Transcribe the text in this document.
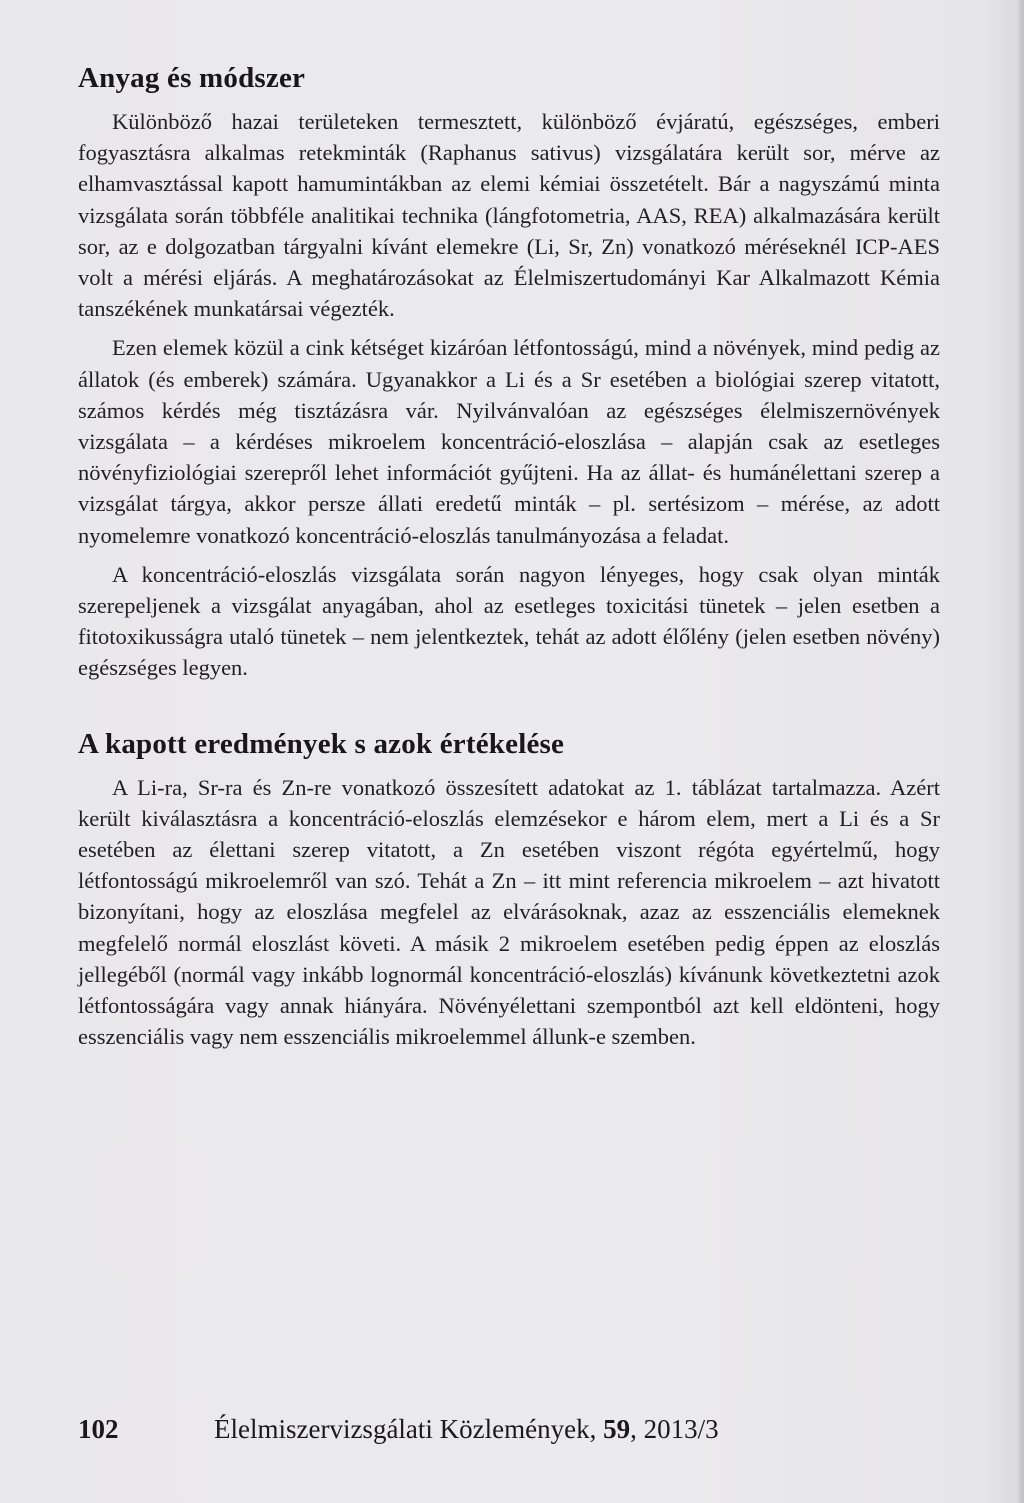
Anyag és módszer

Különböző hazai területeken termesztett, különböző évjáratú, egészséges, emberi fogyasztásra alkalmas retekminták (Raphanus sativus) vizsgálatára került sor, mérve az elhamvasztással kapott hamumintákban az elemi kémiai összetételt. Bár a nagyszámú minta vizsgálata során többféle analitikai technika (lángfotometria, AAS, REA) alkalmazására került sor, az e dolgozatban tárgyalni kívánt elemekre (Li, Sr, Zn) vonatkozó méréseknél ICP-AES volt a mérési eljárás. A meghatározásokat az Élelmiszertudományi Kar Alkalmazott Kémia tanszékének munkatársai végezték.

Ezen elemek közül a cink kétséget kizáróan létfontosságú, mind a növények, mind pedig az állatok (és emberek) számára. Ugyanakkor a Li és a Sr esetében a biológiai szerep vitatott, számos kérdés még tisztázásra vár. Nyilvánvalóan az egészséges élelmiszernövények vizsgálata – a kérdéses mikroelem koncentráció-eloszlása – alapján csak az esetleges növényfiziológiai szerepről lehet információt gyűjteni. Ha az állat- és humánélettani szerep a vizsgálat tárgya, akkor persze állati eredetű minták – pl. sertésizom – mérése, az adott nyomelemre vonatkozó koncentráció-eloszlás tanulmányozása a feladat.

A koncentráció-eloszlás vizsgálata során nagyon lényeges, hogy csak olyan minták szerepeljenek a vizsgálat anyagában, ahol az esetleges toxicitási tünetek – jelen esetben a fitotoxikusságra utaló tünetek – nem jelentkeztek, tehát az adott élőlény (jelen esetben növény) egészséges legyen.

A kapott eredmények s azok értékelése

A Li-ra, Sr-ra és Zn-re vonatkozó összesített adatokat az 1. táblázat tartalmazza. Azért került kiválasztásra a koncentráció-eloszlás elemzésekor e három elem, mert a Li és a Sr esetében az élettani szerep vitatott, a Zn esetében viszont régóta egyértelmű, hogy létfontosságú mikroelemről van szó. Tehát a Zn – itt mint referencia mikroelem – azt hivatott bizonyítani, hogy az eloszlása megfelel az elvárásoknak, azaz az esszenciális elemeknek megfelelő normál eloszlást követi. A másik 2 mikroelem esetében pedig éppen az eloszlás jellegéből (normál vagy inkább lognormál koncentráció-eloszlás) kívánunk következtetni azok létfontosságára vagy annak hiányára. Növényélettani szempontból azt kell eldönteni, hogy esszenciális vagy nem esszenciális mikroelemmel állunk-e szemben.

102	Élelmiszervizsgálati Közlemények, 59, 2013/3
